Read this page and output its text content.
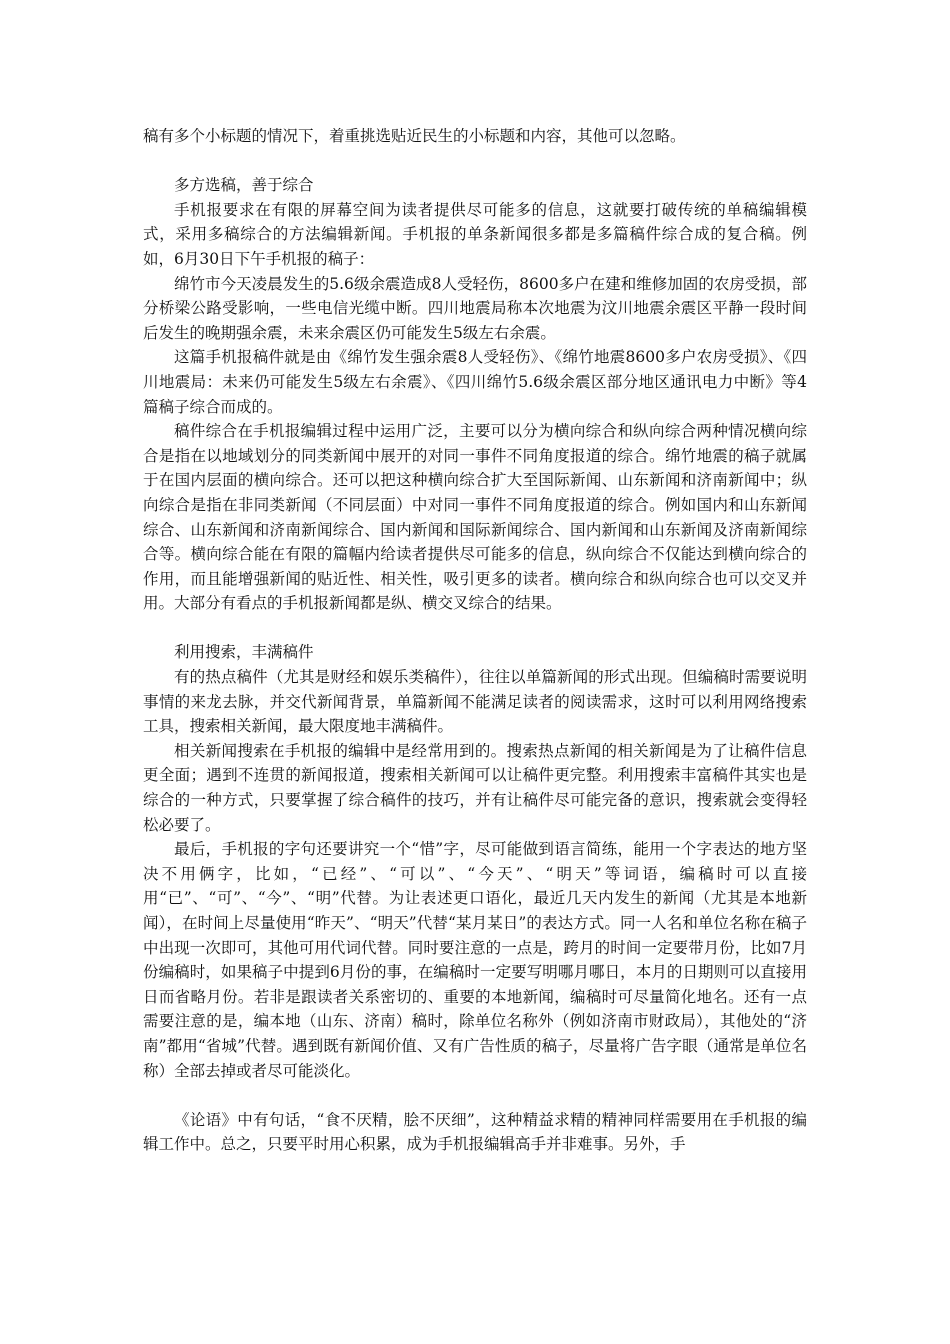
稿有多个小标题的情况下，着重挑选贴近民生的小标题和内容，其他可以忽略。

多方选稿，善于综合

手机报要求在有限的屏幕空间为读者提供尽可能多的信息，这就要打破传统的单稿编辑模式，采用多稿综合的方法编辑新闻。手机报的单条新闻很多都是多篇稿件综合成的复合稿。例如，6月30日下午手机报的稿子：

绵竹市今天凌晨发生的5.6级余震造成8人受轻伤，8600多户在建和维修加固的农房受损，部分桥梁公路受影响，一些电信光缆中断。四川地震局称本次地震为汶川地震余震区平静一段时间后发生的晚期强余震，未来余震区仍可能发生5级左右余震。

这篇手机报稿件就是由《绵竹发生强余震8人受轻伤》、《绵竹地震8600多户农房受损》、《四川地震局：未来仍可能发生5级左右余震》、《四川绵竹5.6级余震区部分地区通讯电力中断》等4篇稿子综合而成的。

稿件综合在手机报编辑过程中运用广泛，主要可以分为横向综合和纵向综合两种情况横向综合是指在以地域划分的同类新闻中展开的对同一事件不同角度报道的综合。绵竹地震的稿子就属于在国内层面的横向综合。还可以把这种横向综合扩大至国际新闻、山东新闻和济南新闻中；纵向综合是指在非同类新闻（不同层面）中对同一事件不同角度报道的综合。例如国内和山东新闻综合、山东新闻和济南新闻综合、国内新闻和国际新闻综合、国内新闻和山东新闻及济南新闻综合等。横向综合能在有限的篇幅内给读者提供尽可能多的信息，纵向综合不仅能达到横向综合的作用，而且能增强新闻的贴近性、相关性，吸引更多的读者。横向综合和纵向综合也可以交叉并用。大部分有看点的手机报新闻都是纵、横交叉综合的结果。

利用搜索，丰满稿件

有的热点稿件（尤其是财经和娱乐类稿件），往往以单篇新闻的形式出现。但编稿时需要说明事情的来龙去脉，并交代新闻背景，单篇新闻不能满足读者的阅读需求，这时可以利用网络搜索工具，搜索相关新闻，最大限度地丰满稿件。

相关新闻搜索在手机报的编辑中是经常用到的。搜索热点新闻的相关新闻是为了让稿件信息更全面；遇到不连贯的新闻报道，搜索相关新闻可以让稿件更完整。利用搜索丰富稿件其实也是综合的一种方式，只要掌握了综合稿件的技巧，并有让稿件尽可能完备的意识，搜索就会变得轻松必要了。

最后，手机报的字句还要讲究一个“惜”字，尽可能做到语言简练，能用一个字表达的地方坚决不用俩字，比如，“已经”、“可以”、“今天”、“明天”等词语，编稿时可以直接用“已”、“可”、“今”、“明”代替。为让表述更口语化，最近几天内发生的新闻（尤其是本地新闻），在时间上尽量使用“昨天”、“明天”代替“某月某日”的表达方式。同一人名和单位名称在稿子中出现一次即可，其他可用代词代替。同时要注意的一点是，跨月的时间一定要带月份，比如7月份编稿时，如果稿子中提到6月份的事，在编稿时一定要写明哪月哪日，本月的日期则可以直接用日而省略月份。若非是跟读者关系密切的、重要的本地新闻，编稿时可尽量简化地名。还有一点需要注意的是，编本地（山东、济南）稿时，除单位名称外（例如济南市财政局），其他处的“济南”都用“省城”代替。遇到既有新闻价值、又有广告性质的稿子，尽量将广告字眼（通常是单位名称）全部去掉或者尽可能淡化。

《论语》中有句话，“食不厌精，脍不厌细”，这种精益求精的精神同样需要用在手机报的编辑工作中。总之，只要平时用心积累，成为手机报编辑高手并非难事。另外，手
